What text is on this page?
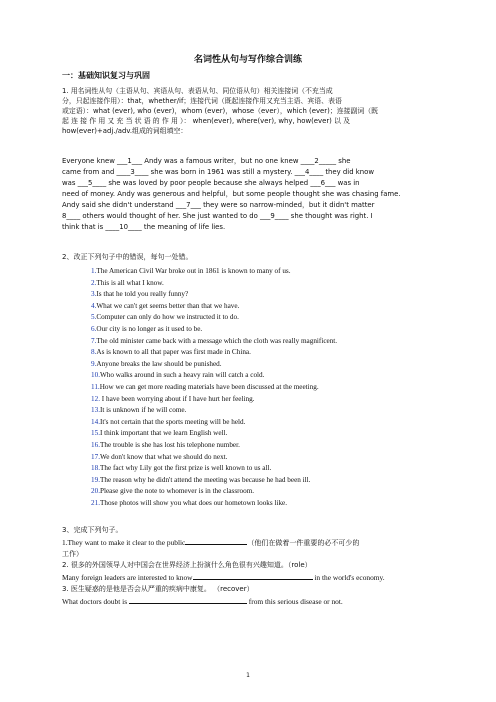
名词性从句与写作综合训练
一：基础知识复习与巩固
1. 用名词性从句（主语从句、宾语从句、表语从句、同位语从句）相关连接词（不充当成
分，只起连接作用）：that，whether/if；连接代词（既起连接作用又充当主语、宾语、表语
或定语）：what (ever), who (ever)，whom (ever)，whose（ever），which (ever)；连接副词（既
起 连 接 作 用 又 充 当 状 语 的 作 用 ）： when(ever), where(ver), why, how(ever) 以 及
how(ever)+adj./adv.组成的词组填空：
Everyone knew ___1___ Andy was a famous writer，but no one knew ____2_____ she
came from and ____3____ she was born in 1961 was still a mystery. ___4____ they did know
was ___5____ she was loved by poor people because she always helped ___6___ was in
need of money. Andy was generous and helpful，but some people thought she was chasing fame.
Andy said she didn't understand ___7___ they were so narrow-minded，but it didn't matter
8____ others would thought of her. She just wanted to do ___9____ she thought was right. I
think that is ____10____ the meaning of life lies.
2、改正下列句子中的错误，每句一处错。
1.The American Civil War broke out in 1861 is known to many of us.
2.This is all what I know.
3.Is that he told you really funny?
4.What we can't get seems better than that we have.
5.Computer can only do how we instructed it to do.
6.Our city is no longer as it used to be.
7.The old minister came back with a message which the cloth was really magnificent.
8.As is known to all that paper was first made in China.
9.Anyone breaks the law should be punished.
10.Who walks around in such a heavy rain will catch a cold.
11.How we can get more reading materials have been discussed at the meeting.
12. I have been worrying about if I have hurt her feeling.
13.It is unknown if he will come.
14.It's not certain that the sports meeting will be held.
15.I think important that we learn English well.
16.The trouble is she has lost his telephone number.
17.We don't know that what we should do next.
18.The fact why Lily got the first prize is well known to us all.
19.The reason why he didn't attend the meeting was because he had been ill.
20.Please give the note to whomever is in the classroom.
21.Those photos will show you what does our hometown looks like.
3、完成下列句子。
1.They want to make it clear to the public	（他们在做着一件重要的必不可少的
工作）
2. 很多的外国领导人对中国会在世界经济上扮演什么角色很有兴趣知道。（role）
Many foreign leaders are interested to know	in the world's economy.
3. 医生疑惑的是他是否会从严重的疾病中康复。 （recover）
What doctors doubt is	from this serious disease or not.
1
